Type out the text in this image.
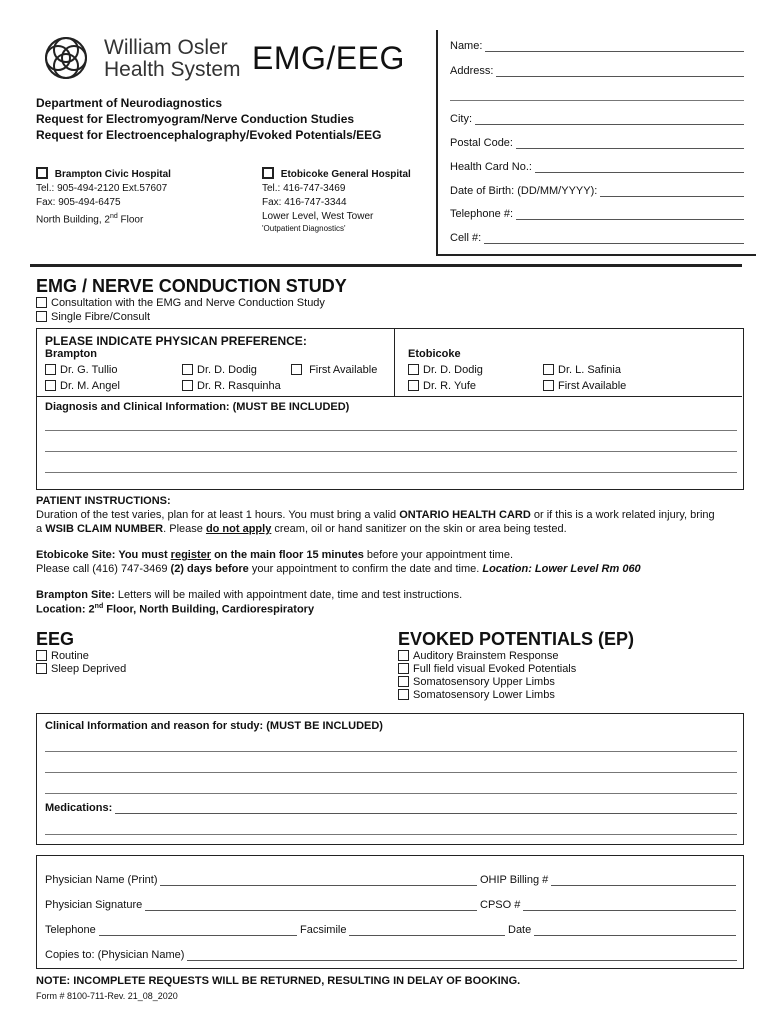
William Osler
Health System EMG/EEG
Department of Neurodiagnostics
Request for Electromyogram/Nerve Conduction Studies
Request for Electroencephalography/Evoked Potentials/EEG
Brampton Civic Hospital
Tel.: 905-494-2120 Ext.57607
Fax: 905-494-6475
North Building, 2nd Floor
Etobicoke General Hospital
Tel.: 416-747-3469
Fax: 416-747-3344
Lower Level, West Tower
'Outpatient Diagnostics'
Name:
Address:
City:
Postal Code:
Health Card No.:
Date of Birth: (DD/MM/YYYY):
Telephone #:
Cell #:
EMG / NERVE CONDUCTION STUDY
Consultation with the EMG and Nerve Conduction Study
Single Fibre/Consult
PLEASE INDICATE PHYSICAN PREFERENCE:
Brampton	Etobicoke
Dr. G. Tullio	Dr. D. Dodig	First Available
Dr. M. Angel	Dr. R. Rasquinha
Dr. D. Dodig	Dr. L. Safinia
Dr. R. Yufe	First Available
Diagnosis and Clinical Information: (MUST BE INCLUDED)
PATIENT INSTRUCTIONS:
Duration of the test varies, plan for at least 1 hours. You must bring a valid ONTARIO HEALTH CARD or if this is a work related injury, bring
a WSIB CLAIM NUMBER. Please do not apply cream, oil or hand sanitizer on the skin or area being tested.
Etobicoke Site: You must register on the main floor 15 minutes before your appointment time.
Please call (416) 747-3469 (2) days before your appointment to confirm the date and time. Location: Lower Level Rm 060
Brampton Site: Letters will be mailed with appointment date, time and test instructions.
Location: 2nd Floor, North Building, Cardiorespiratory
EEG
Routine
Sleep Deprived
EVOKED POTENTIALS (EP)
Auditory Brainstem Response
Full field visual Evoked Potentials
Somatosensory Upper Limbs
Somatosensory Lower Limbs
Clinical Information and reason for study: (MUST BE INCLUDED)
Medications:
Physician Name (Print)	OHIP Billing #
Physician Signature	CPSO #
Telephone	Facsimile	Date
Copies to: (Physician Name)
NOTE: INCOMPLETE REQUESTS WILL BE RETURNED, RESULTING IN DELAY OF BOOKING.
Form # 8100-711-Rev. 21_08_2020
